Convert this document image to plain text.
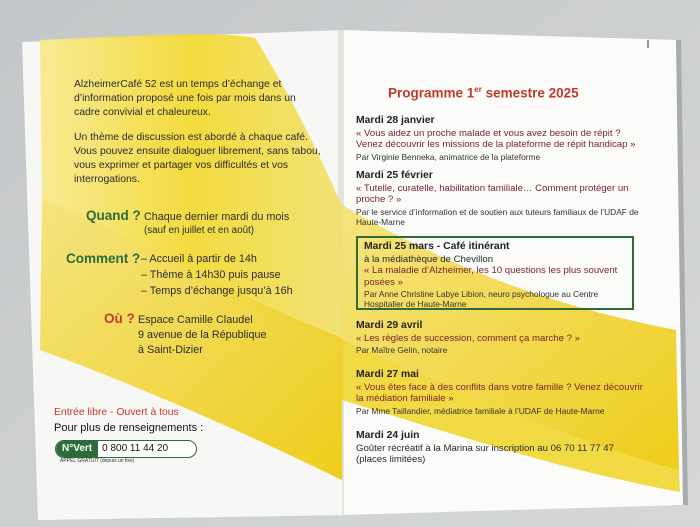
AlzheimerCafé 52 est un temps d’échange et d’information proposé une fois par mois dans un cadre convivial et chaleureux.

Un thème de discussion est abordé à chaque café. Vous pouvez ensuite dialoguer librement, sans tabou, vous exprimer et partager vos difficultés et vos interrogations.

Quand ? Chaque dernier mardi du mois
(sauf en juillet et en août)
Comment ? – Accueil à partir de 14h
– Thème à 14h30 puis pause
– Temps d’échange jusqu’à 16h
Où ? Espace Camille Claudel
9 avenue de la République
à Saint-Dizier
Entrée libre - Ouvert à tous
Pour plus de renseignements :
N°Vert 0 800 11 44 20
APPEL GRATUIT (depuis un fixe)
Programme 1er semestre 2025
Mardi 28 janvier
« Vous aidez un proche malade et vous avez besoin de répit ? Venez découvrir les missions de la plateforme de répit handicap »
Par Virginie Benneka, animatrice de la plateforme
Mardi 25 février
« Tutelle, curatelle, habilitation familiale… Comment protéger un proche ? »
Par le service d’information et de soutien aux tuteurs familiaux de l’UDAF de Haute-Marne
Mardi 25 mars - Café itinérant
à la médiathèque de Chevillon
« La maladie d’Alzheimer, les 10 questions les plus souvent posées »
Par Anne Christine Labye Libion, neuro psychologue au Centre Hospitalier de Haute-Marne
Mardi 29 avril
« Les règles de succession, comment ça marche ? »
Par Maître Gelin, notaire
Mardi 27 mai
« Vous êtes face à des conflits dans votre famille ? Venez découvrir la médiation familiale »
Par Mme Taillandier, médiatrice familiale à l’UDAF de Haute-Marne
Mardi 24 juin
Goûter récréatif à la Marina sur inscription au 06 70 11 77 47 (places limitées)
